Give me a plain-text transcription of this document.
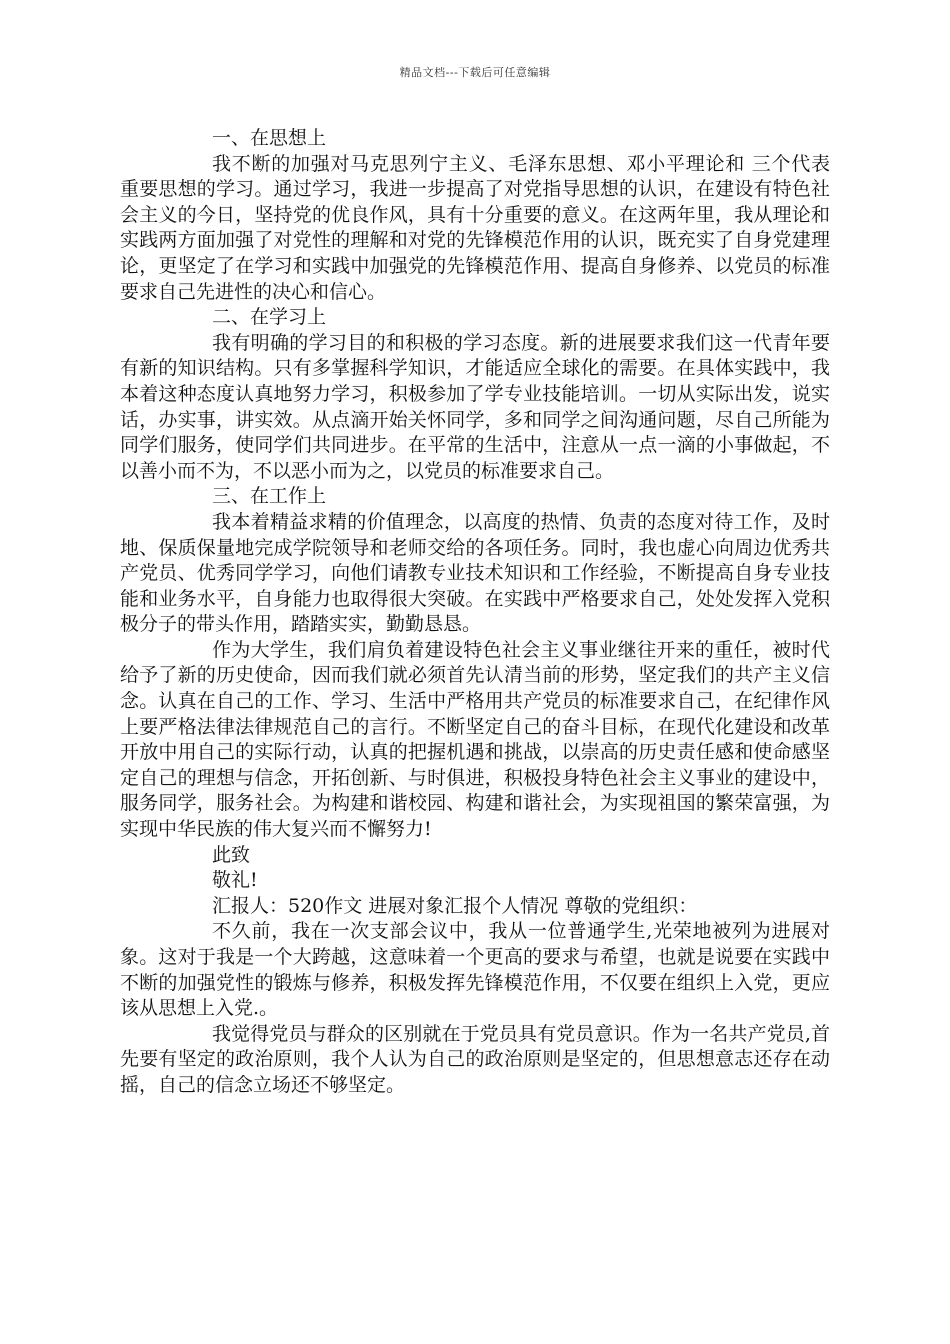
精品文档---下载后可任意编辑

一、在思想上

我不断的加强对马克思列宁主义、毛泽东思想、邓小平理论和 三个代表 重要思想的学习。通过学习，我进一步提高了对党指导思想的认识，在建设有特色社会主义的今日，坚持党的优良作风，具有十分重要的意义。在这两年里，我从理论和实践两方面加强了对党性的理解和对党的先锋模范作用的认识，既充实了自身党建理论，更坚定了在学习和实践中加强党的先锋模范作用、提高自身修养、以党员的标准要求自己先进性的决心和信心。

二、在学习上

我有明确的学习目的和积极的学习态度。新的进展要求我们这一代青年要有新的知识结构。只有多掌握科学知识，才能适应全球化的需要。在具体实践中，我本着这种态度认真地努力学习，积极参加了学专业技能培训。一切从实际出发，说实话，办实事，讲实效。从点滴开始关怀同学，多和同学之间沟通问题，尽自己所能为同学们服务，使同学们共同进步。在平常的生活中，注意从一点一滴的小事做起，不以善小而不为，不以恶小而为之，以党员的标准要求自己。

三、在工作上

我本着精益求精的价值理念，以高度的热情、负责的态度对待工作，及时地、保质保量地完成学院领导和老师交给的各项任务。同时，我也虚心向周边优秀共产党员、优秀同学学习，向他们请教专业技术知识和工作经验，不断提高自身专业技能和业务水平，自身能力也取得很大突破。在实践中严格要求自己，处处发挥入党积极分子的带头作用，踏踏实实，勤勤恳恳。

作为大学生，我们肩负着建设特色社会主义事业继往开来的重任，被时代给予了新的历史使命，因而我们就必须首先认清当前的形势，坚定我们的共产主义信念。认真在自己的工作、学习、生活中严格用共产党员的标准要求自己，在纪律作风上要严格法律法律规范自己的言行。不断坚定自己的奋斗目标，在现代化建设和改革开放中用自己的实际行动，认真的把握机遇和挑战，以崇高的历史责任感和使命感坚定自己的理想与信念，开拓创新、与时俱进，积极投身特色社会主义事业的建设中，服务同学，服务社会。为构建和谐校园、构建和谐社会，为实现祖国的繁荣富强，为实现中华民族的伟大复兴而不懈努力!

此致

敬礼!

汇报人：520作文 进展对象汇报个人情况 尊敬的党组织：

不久前，我在一次支部会议中，我从一位普通学生,光荣地被列为进展对象。这对于我是一个大跨越，这意味着一个更高的要求与希望，也就是说要在实践中不断的加强党性的锻炼与修养，积极发挥先锋模范作用，不仅要在组织上入党，更应该从思想上入党.。

我觉得党员与群众的区别就在于党员具有党员意识。作为一名共产党员,首先要有坚定的政治原则，我个人认为自己的政治原则是坚定的，但思想意志还存在动摇，自己的信念立场还不够坚定。
